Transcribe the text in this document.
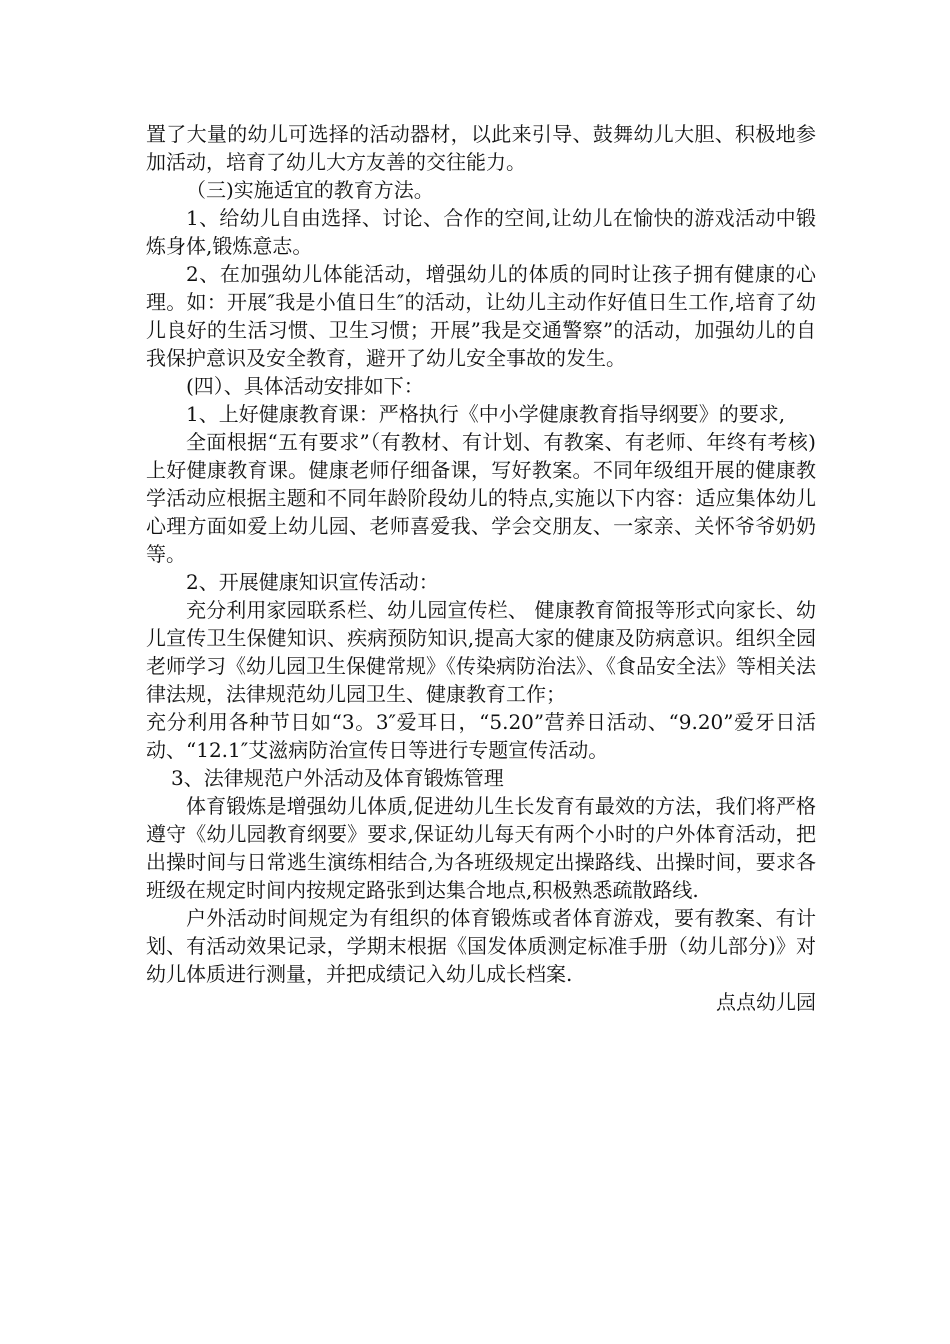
置了大量的幼儿可选择的活动器材，以此来引导、鼓舞幼儿大胆、积极地参加活动，培育了幼儿大方友善的交往能力。

（三)实施适宜的教育方法。

1、给幼儿自由选择、讨论、合作的空间,让幼儿在愉快的游戏活动中锻炼身体,锻炼意志。

2、在加强幼儿体能活动，增强幼儿的体质的同时让孩子拥有健康的心理。如：开展″我是小值日生″的活动，让幼儿主动作好值日生工作,培育了幼儿良好的生活习惯、卫生习惯；开展”我是交通警察”的活动，加强幼儿的自我保护意识及安全教育，避开了幼儿安全事故的发生。

(四）、具体活动安排如下：

1、上好健康教育课：严格执行《中小学健康教育指导纲要》的要求,

全面根据“五有要求”（有教材、有计划、有教案、有老师、年终有考核)上好健康教育课。健康老师仔细备课，写好教案。不同年级组开展的健康教学活动应根据主题和不同年龄阶段幼儿的特点,实施以下内容：适应集体幼儿心理方面如爱上幼儿园、老师喜爱我、学会交朋友、一家亲、关怀爷爷奶奶等。

2、开展健康知识宣传活动：

充分利用家园联系栏、幼儿园宣传栏、 健康教育简报等形式向家长、幼儿宣传卫生保健知识、疾病预防知识,提高大家的健康及防病意识。组织全园老师学习《幼儿园卫生保健常规》《传染病防治法》、《食品安全法》等相关法律法规，法律规范幼儿园卫生、健康教育工作；

充分利用各种节日如“3。3″爱耳日，“5.20”营养日活动、“9.20”爱牙日活动、“12.1″艾滋病防治宣传日等进行专题宣传活动。

3、法律规范户外活动及体育锻炼管理

体育锻炼是增强幼儿体质,促进幼儿生长发育有最效的方法，我们将严格遵守《幼儿园教育纲要》要求,保证幼儿每天有两个小时的户外体育活动，把出操时间与日常逃生演练相结合,为各班级规定出操路线、出操时间，要求各班级在规定时间内按规定路张到达集合地点,积极熟悉疏散路线.

户外活动时间规定为有组织的体育锻炼或者体育游戏，要有教案、有计划、有活动效果记录，学期末根据《国发体质测定标准手册（幼儿部分)》对幼儿体质进行测量，并把成绩记入幼儿成长档案.

点点幼儿园
